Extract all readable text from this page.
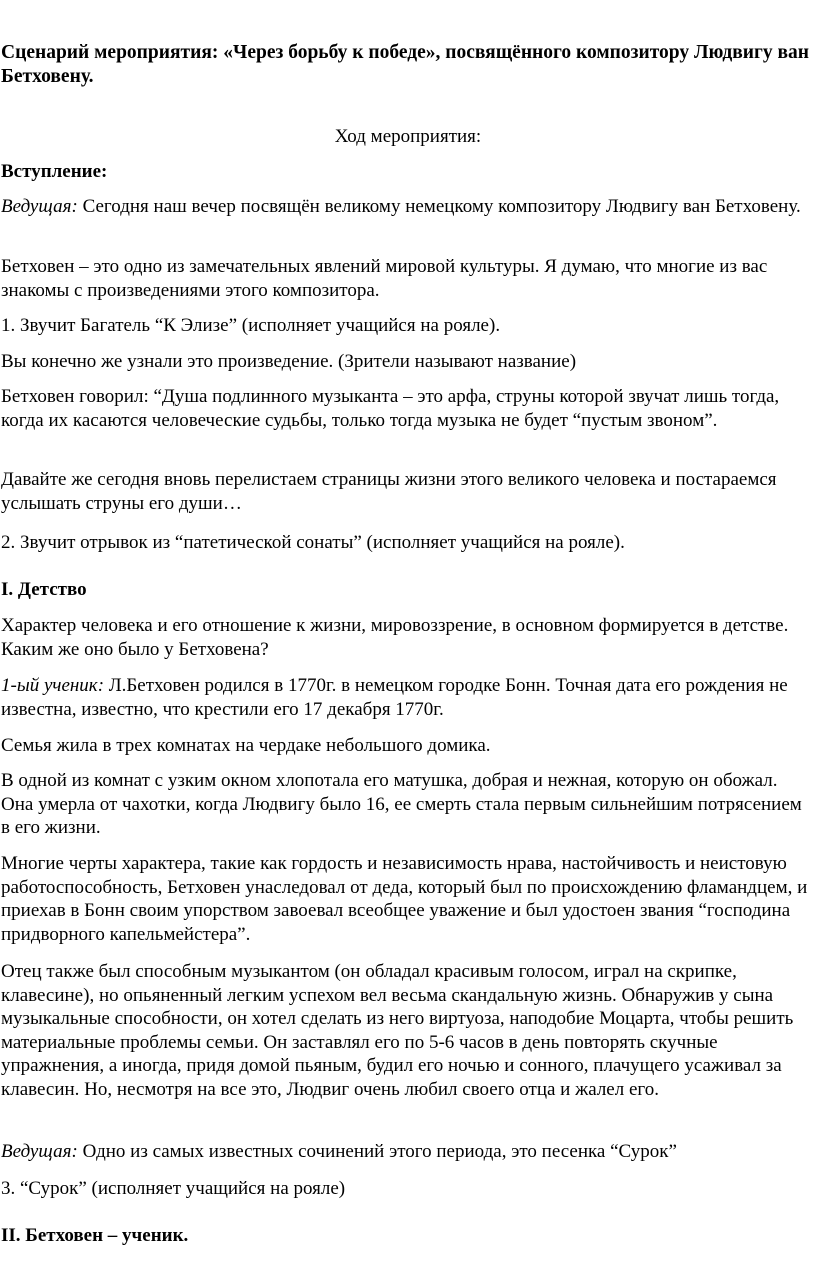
Сценарий мероприятия: «Через борьбу к победе», посвящённого композитору Людвигу ван Бетховену.

Ход мероприятия:

Вступление:

Ведущая: Сегодня наш вечер посвящён великому немецкому композитору Людвигу ван Бетховену.

Бетховен – это одно из замечательных явлений мировой культуры. Я думаю, что многие из вас знакомы с произведениями этого композитора.

1. Звучит Багатель “К Элизе” (исполняет учащийся на рояле).

Вы конечно же узнали это произведение. (Зрители называют название)

Бетховен говорил: “Душа подлинного музыканта – это арфа, струны которой звучат лишь тогда, когда их касаются человеческие судьбы, только тогда музыка не будет “пустым звоном”.

Давайте же сегодня вновь перелистаем страницы жизни этого великого человека и постараемся услышать струны его души…

2. Звучит отрывок из “патетической сонаты” (исполняет учащийся на рояле).

I. Детство

Характер человека и его отношение к жизни, мировоззрение, в основном формируется в детстве. Каким же оно было у Бетховена?

1-ый ученик: Л.Бетховен родился в 1770г. в немецком городке Бонн. Точная дата его рождения не известна, известно, что крестили его 17 декабря 1770г.

Семья жила в трех комнатах на чердаке небольшого домика.

В одной из комнат с узким окном хлопотала его матушка, добрая и нежная, которую он обожал. Она умерла от чахотки, когда Людвигу было 16, ее смерть стала первым сильнейшим потрясением в его жизни.

Многие черты характера, такие как гордость и независимость нрава, настойчивость и неистовую работоспособность, Бетховен унаследовал от деда, который был по происхождению фламандцем, и приехав в Бонн своим упорством завоевал всеобщее уважение и был удостоен звания “господина придворного капельмейстера”.

Отец также был способным музыкантом (он обладал красивым голосом, играл на скрипке, клавесине), но опьяненный легким успехом вел весьма скандальную жизнь. Обнаружив у сына музыкальные способности, он хотел сделать из него виртуоза, наподобие Моцарта, чтобы решить материальные проблемы семьи. Он заставлял его по 5-6 часов в день повторять скучные упражнения, а иногда, придя домой пьяным, будил его ночью и сонного, плачущего усаживал за клавесин. Но, несмотря на все это, Людвиг очень любил своего отца и жалел его.

Ведущая: Одно из самых известных сочинений этого периода, это песенка “Сурок”

3. “Сурок” (исполняет учащийся на рояле)

II. Бетховен – ученик.
